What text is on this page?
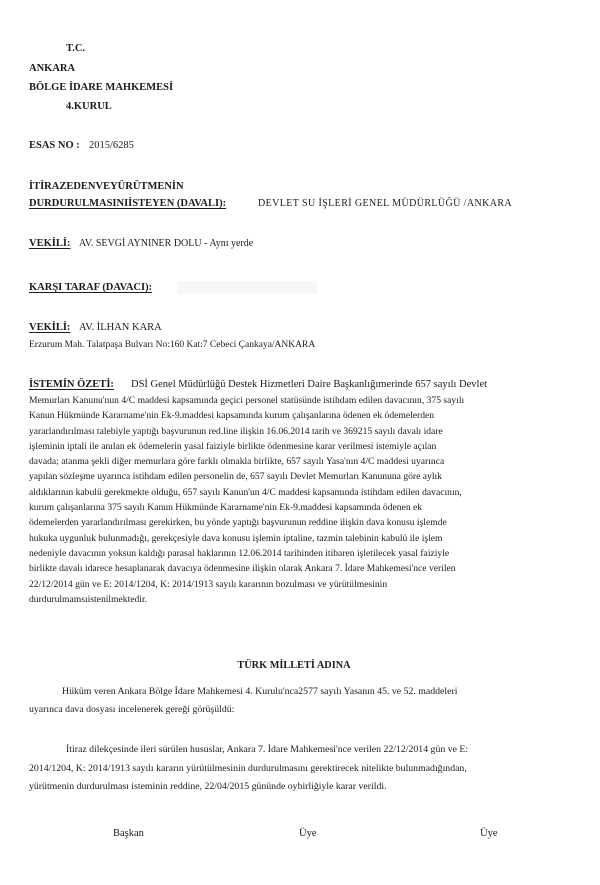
T.C.
ANKARA
BÖLGE İDARE MAHKEMESİ
4.KURUL
ESAS NO : 2015/6285
İTİRAZEDENVEYÜRÜTMENİN
DURDURULMASINIİSTEYEN (DAVALI):	DEVLET SU İŞLERİ GENEL MÜDÜRLÜĞÜ /ANKARA
VEKİLİ: AV. SEVGİ AYNINER DOLU - Aynı yerde
KARŞI TARAF (DAVACI):
VEKİLİ: AV. İLHAN KARA
Erzurum Mah. Talatpaşa Bulvarı No:160 Kat:7 Cebeci Çankaya/ANKARA
İSTEMİN ÖZETİ: DSİ Genel Müdürlüğü Destek Hizmetleri Daire Başkanlığımerinde 657 sayılı Devlet
Memurları Kanunu'nun 4/C maddesi kapsamında geçici personel statüsünde istihdam edilen davacının, 375 sayılı
Kanun Hükmünde Kararname'nin Ek-9.maddesi kapsamında kurum çalışanlarına ödenen ek ödemelerden
yararlandırılması talebiyle yaptığı başvurunun red.line ilişkin 16.06.2014 tarih ve 369215 sayılı davalı idare
işleminin iptali ile anılan ek ödemelerin yasal faiziyle birlikte ödenmesine karar verilmesi istemiyle açılan
davada; atanma şekli diğer memurlara göre farklı olmakla birlikte, 657 sayılı Yasa'nın 4/C maddesi uyarınca
yapılan sözleşme uyarınca istihdam edilen personelin de, 657 sayılı Devlet Memurları Kanununa göre aylık
aldıklarının kabulü gerekmekte olduğu, 657 sayılı Kanun'un 4/C maddesi kapsamında istihdam edilen davacının,
kurum çalışanlarına 375 sayılı Kanun Hükmünde Kararname'nin Ek-9.maddesi kapsamında ödenen ek
ödemelerden yararlandırılması gerekirken, bu yönde yaptığı başvurunun reddine ilişkin dava konusu işlemde
hukuka uygunluk bulunmadığı, gerekçesiyle dava konusu işlemin iptaline, tazmin talebinin kabulü ile işlem
nedeniyle davacının yoksun kaldığı parasal haklarının 12.06.2014 tarihinden itibaren işletilecek yasal faiziyle
birlikte davalı idarece hesaplanarak davacıya ödenmesine ilişkin olarak Ankara 7. İdare Mahkemesi'nce verilen
22/12/2014 gün ve E: 2014/1204, K: 2014/1913 sayılı kararının bozulması ve yürütülmesinin
durdurulmamsıistenilmektedir.
TÜRK MİLLETİ ADINA
Hüküm veren Ankara Bölge İdare Mahkemesi 4. Kurulu'nca2577 sayılı Yasanın 45. ve 52. maddeleri
uyarınca dava dosyası incelenerek gereği görüşüldü:
İtiraz dilekçesinde ileri sürülen hususlar, Ankara 7. İdare Mahkemesi'nce verilen 22/12/2014 gün ve E:
2014/1204, K: 2014/1913 sayılı kararın yürütülmesinin durdurulmasını gerektirecek nitelikte bulunmadığından,
yürütmenin durdurulması isteminin reddine, 22/04/2015 gününde oybirliğiyle karar verildi.
Başkan	Üye	Üye
